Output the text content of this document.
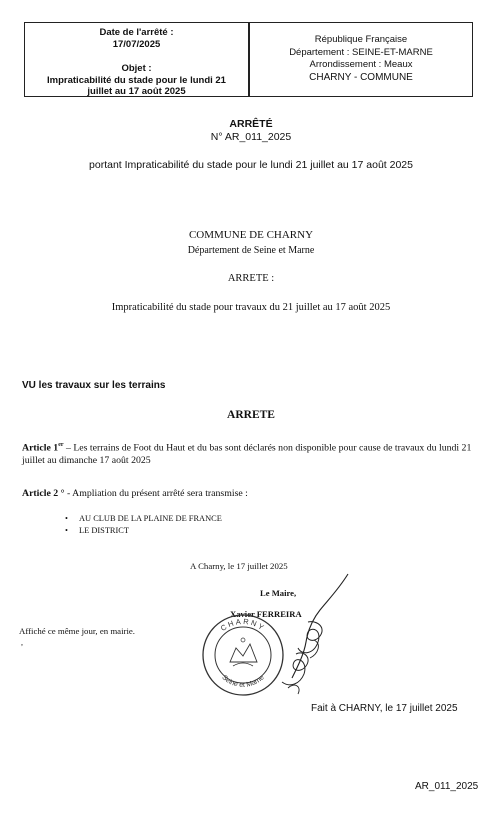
Date de l'arrêté :
17/07/2025
Objet :
Impraticabilité du stade pour le lundi 21
juillet au 17 août 2025
République Française
Département : SEINE-ET-MARNE
Arrondissement : Meaux
CHARNY - COMMUNE
ARRÊTÉ
N° AR_011_2025
portant Impraticabilité du stade pour le lundi 21 juillet au 17 août 2025
COMMUNE DE CHARNY
Département de Seine et Marne
ARRETE :
Impraticabilité du stade pour travaux du 21 juillet au 17 août 2025
VU les travaux sur les terrains
ARRETE
Article 1er – Les terrains de Foot du Haut et du bas sont déclarés non disponible pour cause de travaux du lundi 21 juillet au dimanche 17 août 2025
Article 2 ° - Ampliation du présent arrêté sera transmise :
•	AU CLUB DE LA PLAINE DE FRANCE
•	LE DISTRICT
A Charny, le 17 juillet 2025
Le Maire,
Xavier FERREIRA
Affiché ce même jour, en mairie.
,
CHARNY
Seine et Marne
Fait à CHARNY, le 17 juillet 2025
AR_011_2025
